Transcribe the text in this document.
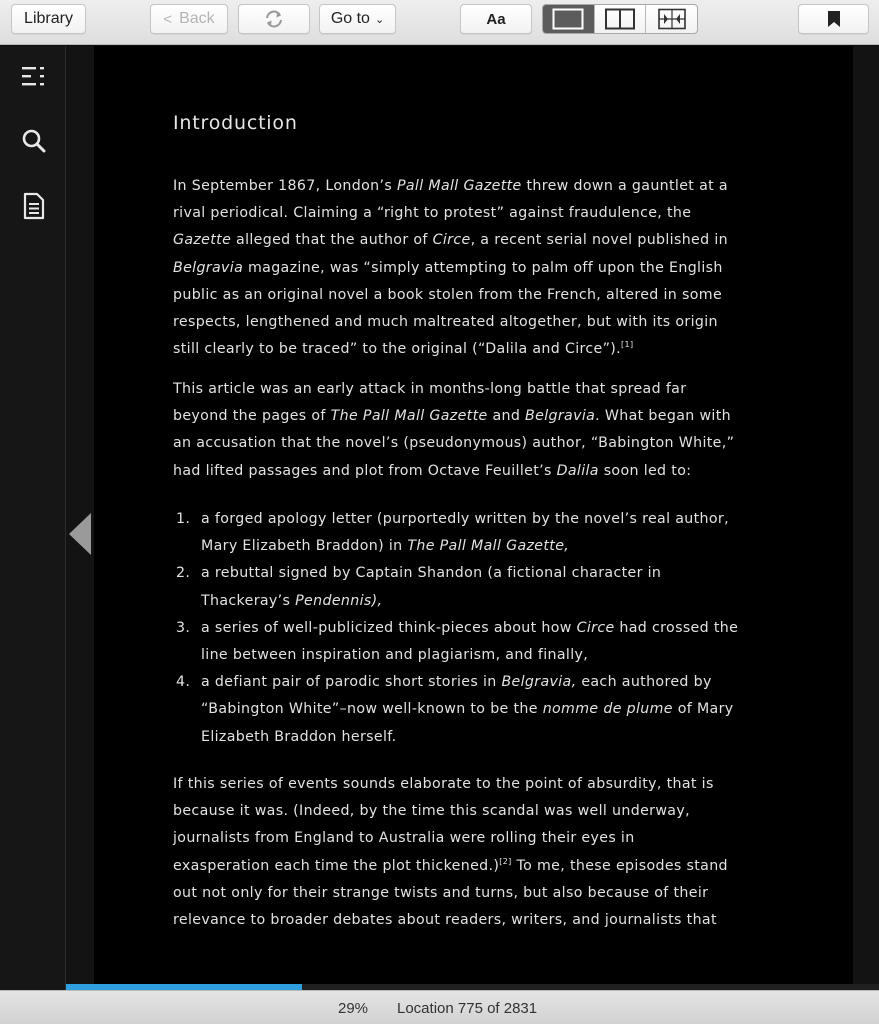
Library	< Back	Go to ⌄	Aa
Introduction
In September 1867, London’s Pall Mall Gazette threw down a gauntlet at a
rival periodical. Claiming a “right to protest” against fraudulence, the
Gazette alleged that the author of Circe, a recent serial novel published in
Belgravia magazine, was “simply attempting to palm off upon the English
public as an original novel a book stolen from the French, altered in some
respects, lengthened and much maltreated altogether, but with its origin
still clearly to be traced” to the original (“Dalila and Circe”).[1]
This article was an early attack in months-long battle that spread far
beyond the pages of The Pall Mall Gazette and Belgravia. What began with
an accusation that the novel’s (pseudonymous) author, “Babington White,”
had lifted passages and plot from Octave Feuillet’s Dalila soon led to:
1. a forged apology letter (purportedly written by the novel’s real author,
Mary Elizabeth Braddon) in The Pall Mall Gazette,
2. a rebuttal signed by Captain Shandon (a fictional character in
Thackeray’s Pendennis),
3. a series of well-publicized think-pieces about how Circe had crossed the
line between inspiration and plagiarism, and finally,
4. a defiant pair of parodic short stories in Belgravia, each authored by
“Babington White”–now well-known to be the nomme de plume of Mary
Elizabeth Braddon herself.
If this series of events sounds elaborate to the point of absurdity, that is
because it was. (Indeed, by the time this scandal was well underway,
journalists from England to Australia were rolling their eyes in
exasperation each time the plot thickened.)[2] To me, these episodes stand
out not only for their strange twists and turns, but also because of their
relevance to broader debates about readers, writers, and journalists that
29% Location 775 of 2831
